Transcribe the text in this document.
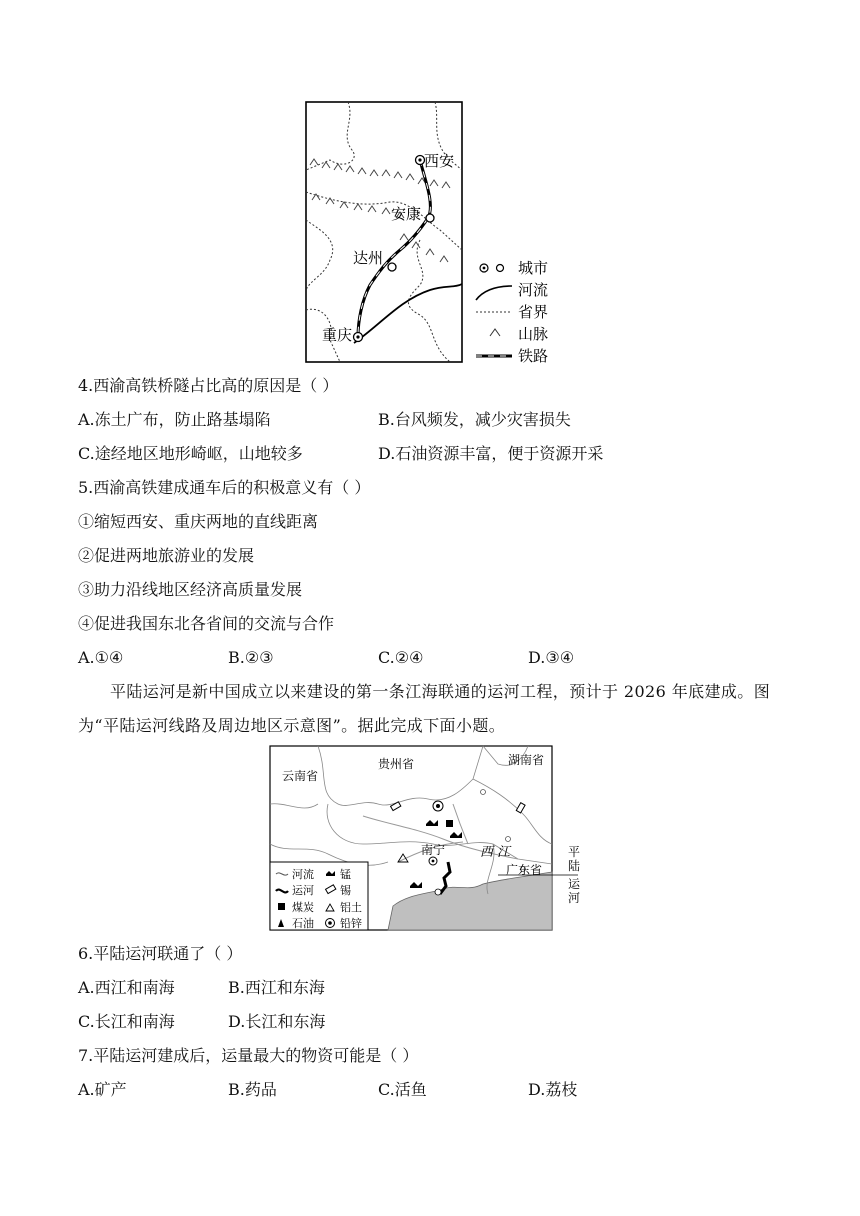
西安
安康
达州
重庆
城市
河流
省界
山脉
铁路
4.西渝高铁桥隧占比高的原因是（ ）
A.冻土广布，防止路基塌陷	B.台风频发，减少灾害损失
C.途经地区地形崎岖，山地较多	D.石油资源丰富，便于资源开采
5.西渝高铁建成通车后的积极意义有（ ）
①缩短西安、重庆两地的直线距离
②促进两地旅游业的发展
③助力沿线地区经济高质量发展
④促进我国东北各省间的交流与合作
A.①④	B.②③	C.②④	D.③④
平陆运河是新中国成立以来建设的第一条江海联通的运河工程，预计于 2026 年底建成。图为“平陆运河线路及周边地区示意图”。据此完成下面小题。
云南省
贵州省	湖南省
广东省
南宁	西江	平
陆
运
河
河流 锰
运河 锡
煤炭 铝土
石油 铅锌
6.平陆运河联通了（ ）
A.西江和南海	B.西江和东海
C.长江和南海	D.长江和东海
7.平陆运河建成后，运量最大的物资可能是（ ）
A.矿产	B.药品	C.活鱼	D.荔枝
